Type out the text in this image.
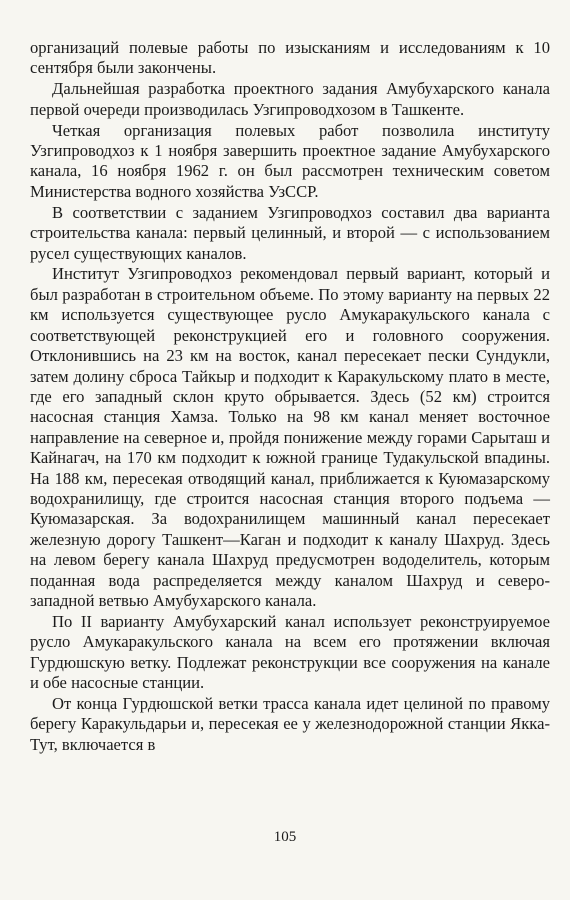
организаций полевые работы по изысканиям и исследованиям к 10 сентября были закончены.

Дальнейшая разработка проектного задания Амубухарского канала первой очереди производилась Узгипроводхозом в Ташкенте.

Четкая организация полевых работ позволила институту Узгипроводхоз к 1 ноября завершить проектное задание Амубухарского канала, 16 ноября 1962 г. он был рассмотрен техническим советом Министерства водного хозяйства УзССР.

В соответствии с заданием Узгипроводхоз составил два варианта строительства канала: первый целинный, и второй — с использованием русел существующих каналов.

Институт Узгипроводхоз рекомендовал первый вариант, который и был разработан в строительном объеме. По этому варианту на первых 22 км используется существующее русло Амукаракульского канала с соответствующей реконструкцией его и головного сооружения. Отклонившись на 23 км на восток, канал пересекает пески Сундукли, затем долину сброса Тайкыр и подходит к Каракульскому плато в месте, где его западный склон круто обрывается. Здесь (52 км) строится насосная станция Хамза. Только на 98 км канал меняет восточное направление на северное и, пройдя понижение между горами Сарыташ и Кайнагач, на 170 км подходит к южной границе Тудакульской впадины. На 188 км, пересекая отводящий канал, приближается к Куюмазарскому водохранилищу, где строится насосная станция второго подъема — Куюмазарская. За водохранилищем машинный канал пересекает железную дорогу Ташкент—Каган и подходит к каналу Шахруд. Здесь на левом берегу канала Шахруд предусмотрен вододелитель, которым поданная вода распределяется между каналом Шахруд и северо-западной ветвью Амубухарского канала.

По II варианту Амубухарский канал использует реконструируемое русло Амукаракульского канала на всем его протяжении включая Гурдюшскую ветку. Подлежат реконструкции все сооружения на канале и обе насосные станции.

От конца Гурдюшской ветки трасса канала идет целиной по правому берегу Каракульдарьи и, пересекая ее у железнодорожной станции Якка-Тут, включается в

105
